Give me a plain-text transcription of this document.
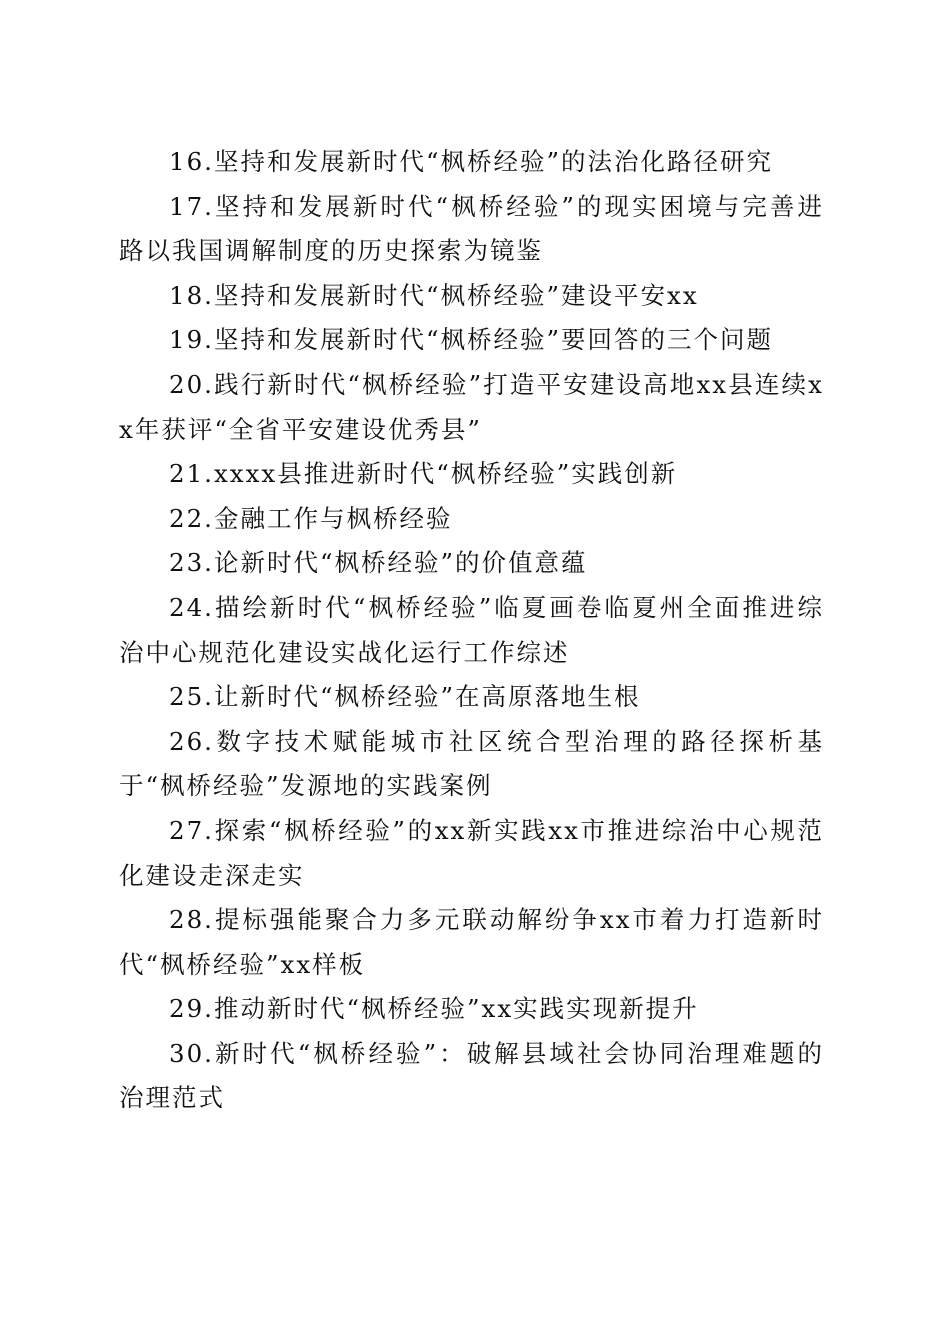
16.坚持和发展新时代“枫桥经验”的法治化路径研究

17.坚持和发展新时代“枫桥经验”的现实困境与完善进路以我国调解制度的历史探索为镜鉴

18.坚持和发展新时代“枫桥经验”建设平安xx

19.坚持和发展新时代“枫桥经验”要回答的三个问题

20.践行新时代“枫桥经验”打造平安建设高地xx县连续xx年获评“全省平安建设优秀县”

21.xxxx县推进新时代“枫桥经验”实践创新

22.金融工作与枫桥经验

23.论新时代“枫桥经验”的价值意蕴

24.描绘新时代“枫桥经验”临夏画卷临夏州全面推进综治中心规范化建设实战化运行工作综述

25.让新时代“枫桥经验”在高原落地生根

26.数字技术赋能城市社区统合型治理的路径探析基于“枫桥经验”发源地的实践案例

27.探索“枫桥经验”的xx新实践xx市推进综治中心规范化建设走深走实

28.提标强能聚合力多元联动解纷争xx市着力打造新时代“枫桥经验”xx样板

29.推动新时代“枫桥经验”xx实践实现新提升

30.新时代“枫桥经验”：破解县域社会协同治理难题的治理范式
